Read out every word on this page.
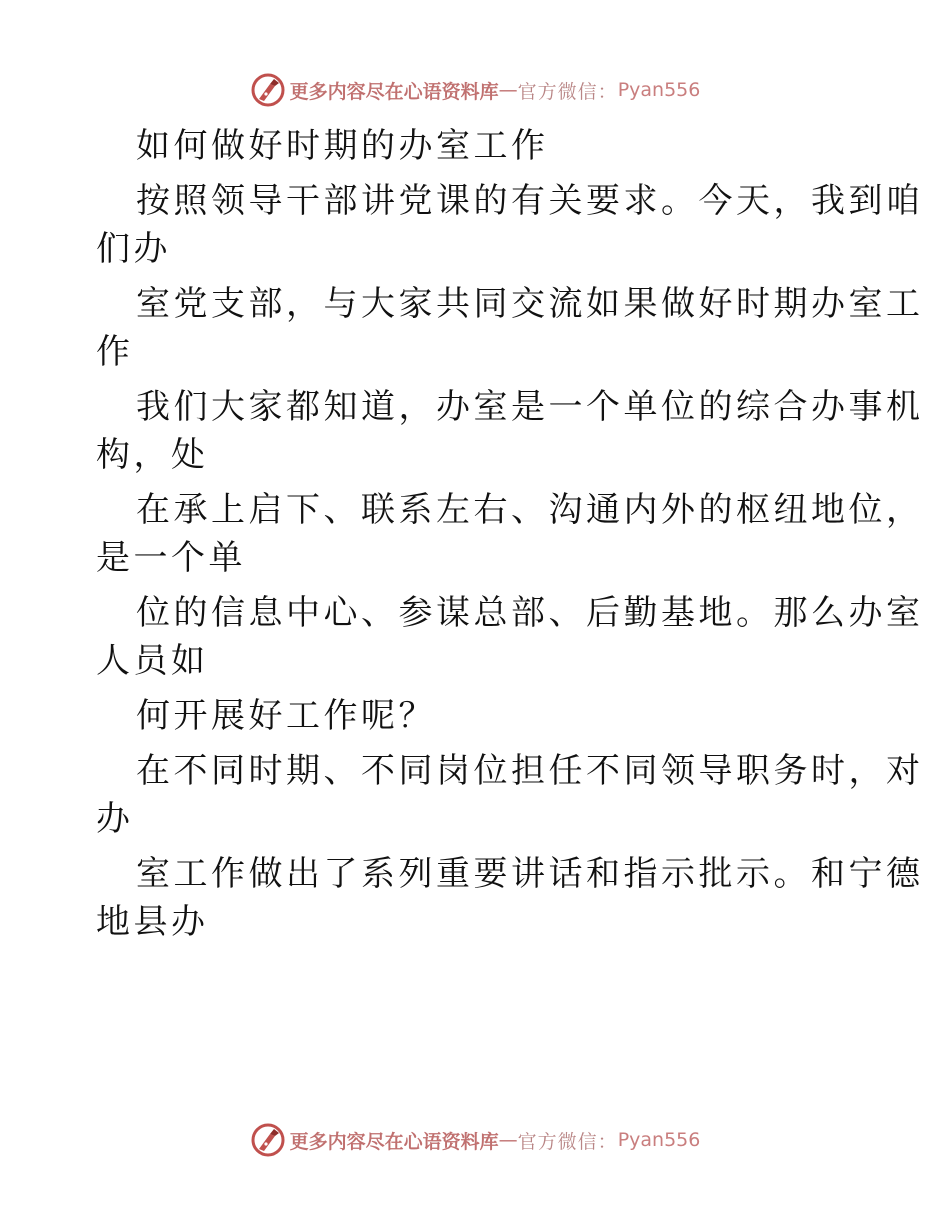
更多内容尽在心语资料库 — 官方微信： Pyan556
如何做好时期的办室工作
按照领导干部讲党课的有关要求。今天，我到咱
们办
室党支部，与大家共同交流如果做好时期办室工
作
我们大家都知道，办室是一个单位的综合办事机
构，处
在承上启下、联系左右、沟通内外的枢纽地位，
是一个单
位的信息中心、参谋总部、后勤基地。那么办室
人员如
何开展好工作呢？
在不同时期、不同岗位担任不同领导职务时，对
办
室工作做出了系列重要讲话和指示批示。和宁德
地县办
更多内容尽在心语资料库 — 官方微信： Pyan556
